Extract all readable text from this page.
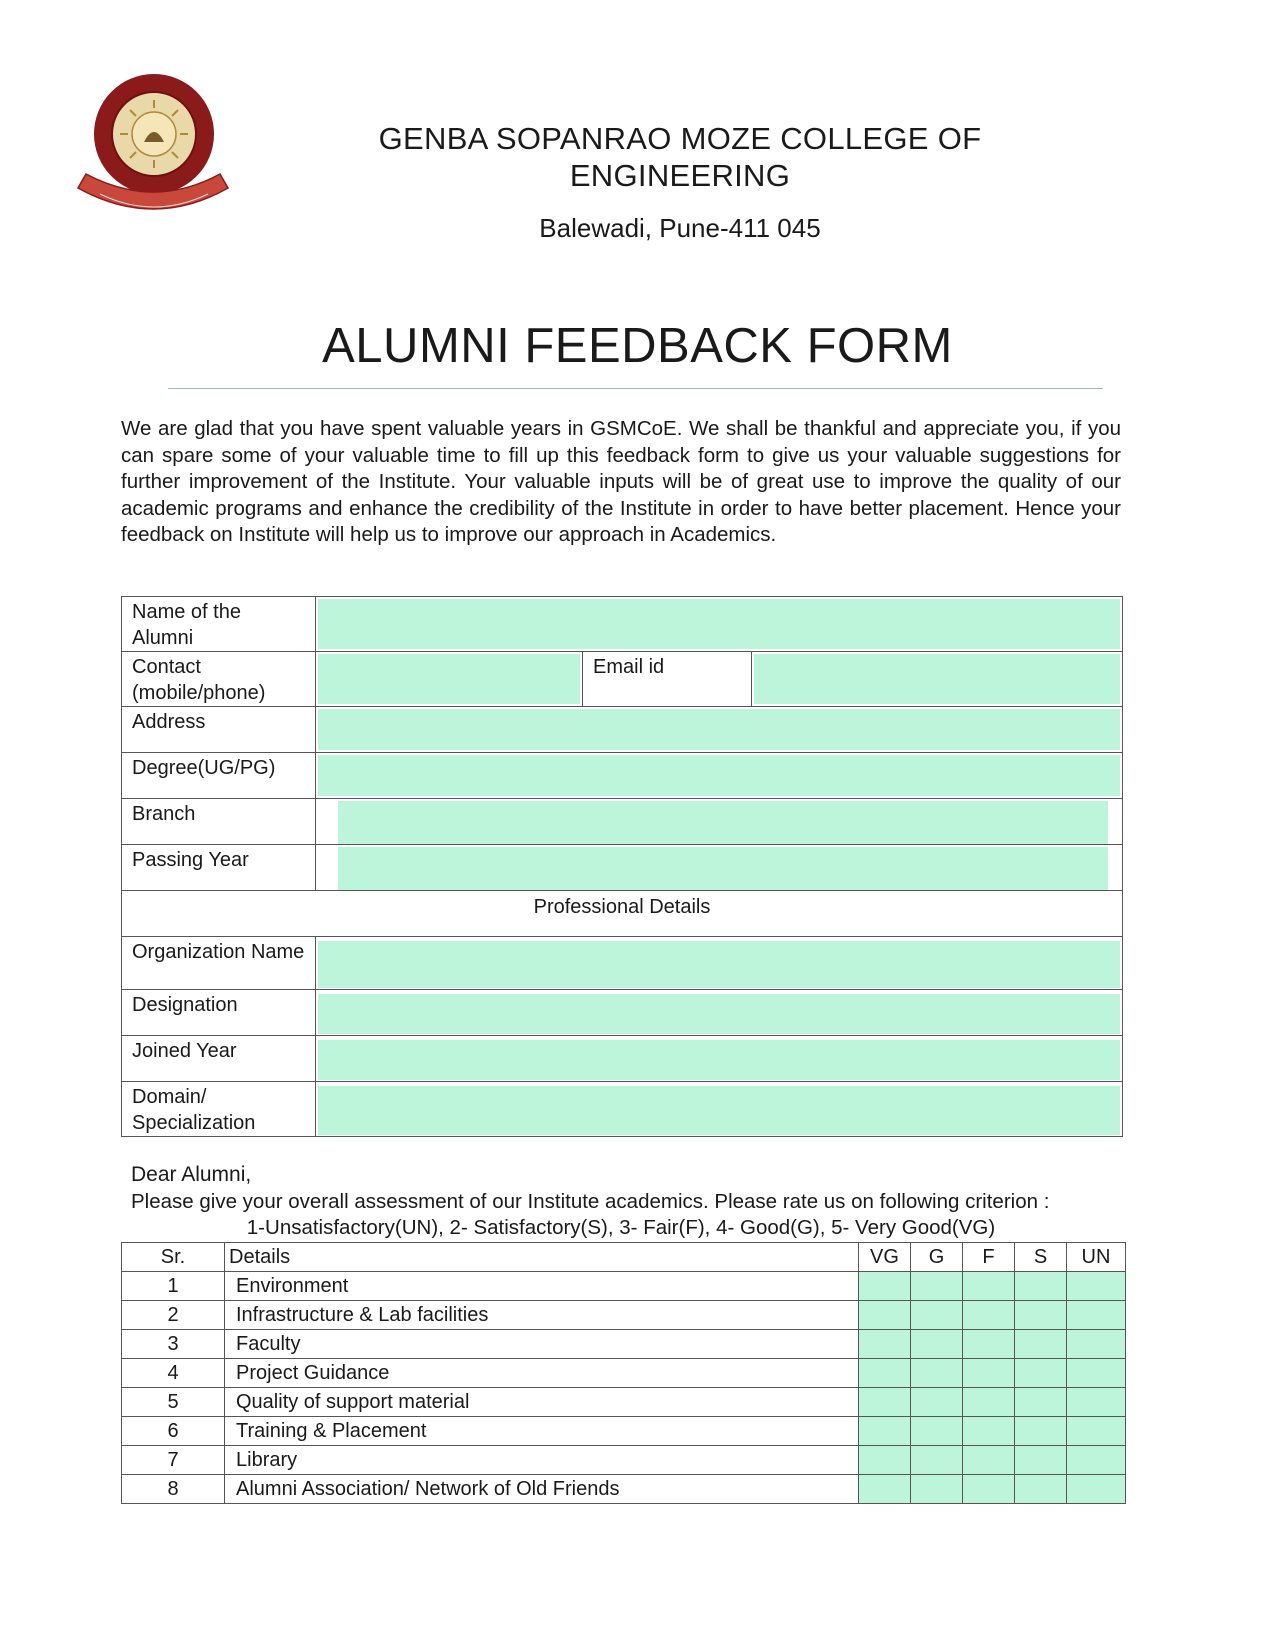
GENBA SOPANRAO MOZE COLLEGE OF ENGINEERING
Balewadi, Pune-411 045
ALUMNI FEEDBACK FORM
We are glad that you have spent valuable years in GSMCoE. We shall be thankful and appreciate you, if you can spare some of your valuable time to fill up this feedback form to give us your valuable suggestions for further improvement of the Institute. Your valuable inputs will be of great use to improve the quality of our academic programs and enhance the credibility of the Institute in order to have better placement. Hence your feedback on Institute will help us to improve our approach in Academics.
Name of the Alumni			

Contact (mobile/phone)		Email id	

Address			

Degree(UG/PG)			

Branch			

Passing Year			

Professional Details			
Organization Name			

Designation			

Joined Year			

Domain/ Specialization			
Dear Alumni,
Please give your overall assessment of our Institute academics. Please rate us on following criterion :
1-Unsatisfactory(UN), 2- Satisfactory(S), 3- Fair(F), 4- Good(G), 5- Very Good(VG)
Sr.	Details	VG	G	F	S	UN
1	Environment					
2	Infrastructure & Lab facilities					
3	Faculty					
4	Project Guidance					
5	Quality of support material					
6	Training & Placement					
7	Library					
8	Alumni Association/ Network of Old Friends					
